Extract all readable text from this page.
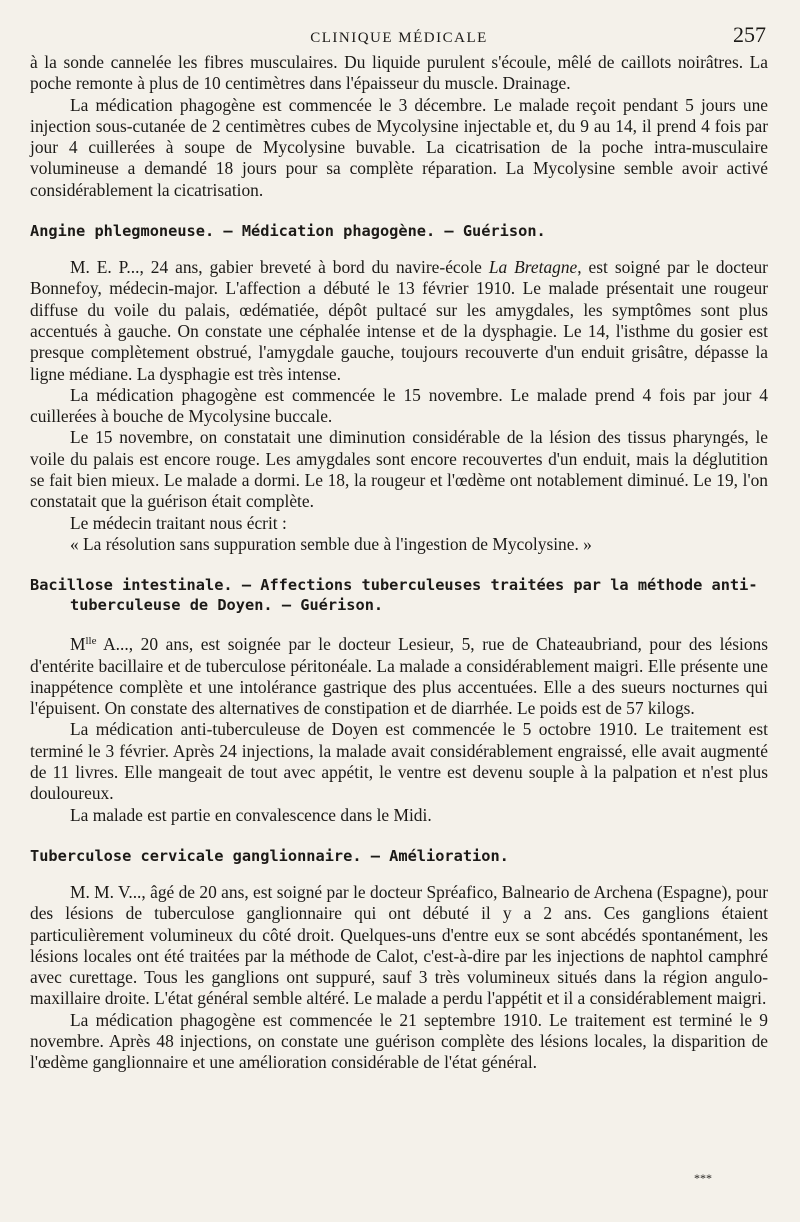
CLINIQUE MÉDICALE	257

à la sonde cannelée les fibres musculaires. Du liquide purulent s'écoule, mêlé de caillots noirâtres. La poche remonte à plus de 10 centimètres dans l'épaisseur du muscle. Drainage.

La médication phagogène est commencée le 3 décembre. Le malade reçoit pendant 5 jours une injection sous-cutanée de 2 centimètres cubes de Mycolysine injectable et, du 9 au 14, il prend 4 fois par jour 4 cuillerées à soupe de Mycolysine buvable. La cicatrisation de la poche intra-musculaire volumineuse a demandé 18 jours pour sa complète réparation. La Mycolysine semble avoir activé considérablement la cicatrisation.

Angine phlegmoneuse. — Médication phagogène. — Guérison.

M. E. P..., 24 ans, gabier breveté à bord du navire-école La Bretagne, est soigné par le docteur Bonnefoy, médecin-major. L'affection a débuté le 13 février 1910. Le malade présentait une rougeur diffuse du voile du palais, œdématiée, dépôt pultacé sur les amygdales, les symptômes sont plus accentués à gauche. On constate une céphalée intense et de la dysphagie. Le 14, l'isthme du gosier est presque complètement obstrué, l'amygdale gauche, toujours recouverte d'un enduit grisâtre, dépasse la ligne médiane. La dysphagie est très intense.

La médication phagogène est commencée le 15 novembre. Le malade prend 4 fois par jour 4 cuillerées à bouche de Mycolysine buccale.

Le 15 novembre, on constatait une diminution considérable de la lésion des tissus pharyngés, le voile du palais est encore rouge. Les amygdales sont encore recouvertes d'un enduit, mais la déglutition se fait bien mieux. Le malade a dormi. Le 18, la rougeur et l'œdème ont notablement diminué. Le 19, l'on constatait que la guérison était complète.

Le médecin traitant nous écrit :

« La résolution sans suppuration semble due à l'ingestion de Mycolysine. »

Bacillose intestinale. — Affections tuberculeuses traitées par la méthode anti-tuberculeuse de Doyen. — Guérison.

$M^{lle}$ A..., 20 ans, est soignée par le docteur Lesieur, 5, rue de Chateaubriand, pour des lésions d'entérite bacillaire et de tuberculose péritonéale. La malade a considérablement maigri. Elle présente une inappétence complète et une intolérance gastrique des plus accentuées. Elle a des sueurs nocturnes qui l'épuisent. On constate des alternatives de constipation et de diarrhée. Le poids est de 57 kilogs.

La médication anti-tuberculeuse de Doyen est commencée le 5 octobre 1910. Le traitement est terminé le 3 février. Après 24 injections, la malade avait considérablement engraissé, elle avait augmenté de 11 livres. Elle mangeait de tout avec appétit, le ventre est devenu souple à la palpation et n'est plus douloureux.

La malade est partie en convalescence dans le Midi.

Tuberculose cervicale ganglionnaire. — Amélioration.

M. M. V..., âgé de 20 ans, est soigné par le docteur Spréafico, Balneario de Archena (Espagne), pour des lésions de tuberculose ganglionnaire qui ont débuté il y a 2 ans. Ces ganglions étaient particulièrement volumineux du côté droit. Quelques-uns d'entre eux se sont abcédés spontanément, les lésions locales ont été traitées par la méthode de Calot, c'est-à-dire par les injections de naphtol camphré avec curettage. Tous les ganglions ont suppuré, sauf 3 très volumineux situés dans la région angulo-maxillaire droite. L'état général semble altéré. Le malade a perdu l'appétit et il a considérablement maigri.

La médication phagogène est commencée le 21 septembre 1910. Le traitement est terminé le 9 novembre. Après 48 injections, on constate une guérison complète des lésions locales, la disparition de l'œdème ganglionnaire et une amélioration considérable de l'état général.

***
